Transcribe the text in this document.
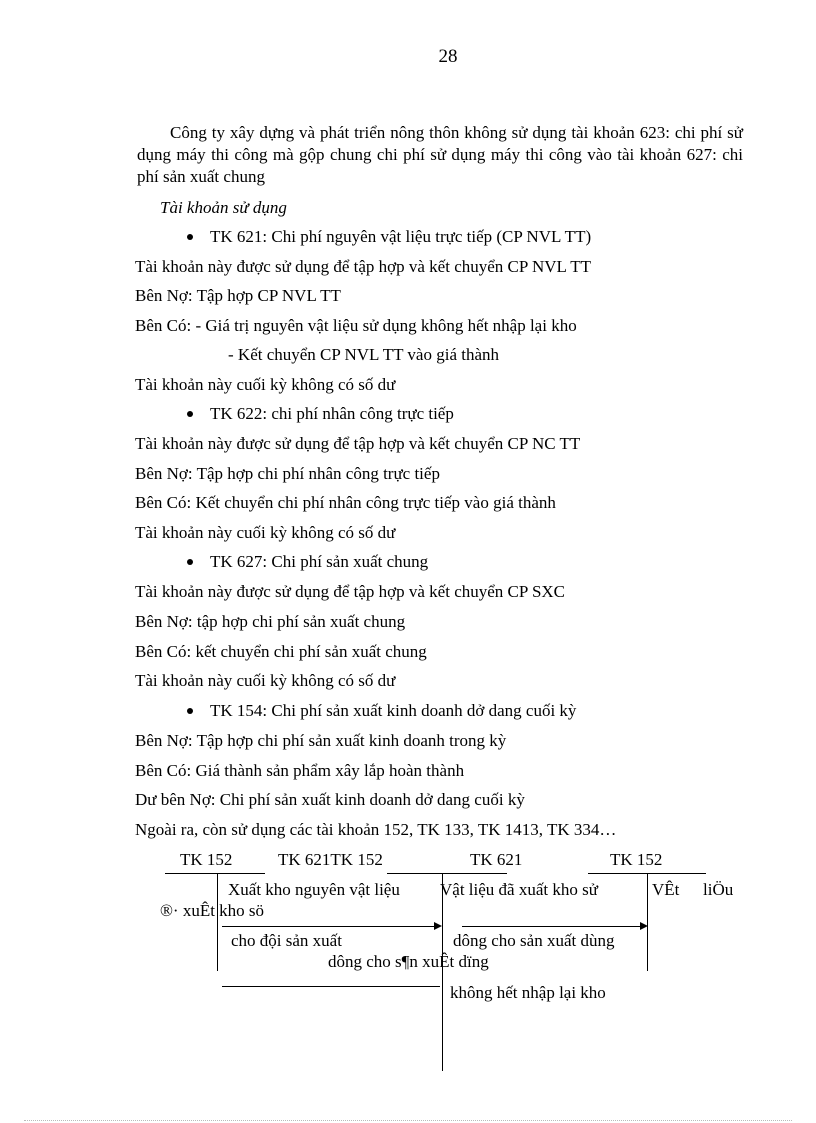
28
Công ty xây dựng và phát triển nông thôn không sử dụng tài khoản 623: chi phí sử dụng máy thi công mà gộp chung chi phí sử dụng máy thi công vào tài khoản 627: chi phí sản xuất chung
Tài khoản sử dụng
TK 621: Chi phí nguyên vật liệu trực tiếp (CP NVL TT)
Tài khoản này được sử dụng để tập hợp và kết chuyển CP NVL TT
Bên Nợ: Tập hợp CP NVL TT
Bên Có: - Giá trị nguyên vật liệu sử dụng không hết nhập lại kho
- Kết chuyển CP NVL TT vào giá thành
Tài khoản này cuối kỳ không có số dư
TK 622: chi phí nhân công trực tiếp
Tài khoản này được sử dụng để tập hợp và kết chuyển CP NC TT
Bên Nợ: Tập hợp chi phí nhân công trực tiếp
Bên Có: Kết chuyển chi phí nhân công trực tiếp vào giá thành
Tài khoản này cuối kỳ không có số dư
TK 627: Chi phí sản xuất chung
Tài khoản này được sử dụng để tập hợp và kết chuyển CP SXC
Bên Nợ: tập hợp chi phí sản xuất chung
Bên Có: kết chuyển chi phí sản xuất chung
Tài khoản này cuối kỳ không có số dư
TK 154: Chi phí sản xuất kinh doanh dở dang cuối kỳ
Bên Nợ: Tập hợp chi phí sản xuất kinh doanh trong kỳ
Bên Có: Giá thành sản phẩm xây lắp hoàn thành
Dư bên Nợ: Chi phí sản xuất kinh doanh dở dang cuối kỳ
Ngoài ra, còn sử dụng các tài khoản 152, TK 133, TK 1413, TK 334…
TK 152	TK 621TK 152	TK 621	TK 152
Xuất kho nguyên vật liệu Vật liệu đã xuất kho sử	VÊt liÖu
®· xuÊt kho sö
cho đội sản xuất	dông cho sản xuất dùng
dông cho s¶n xuÊt dïng
không hết nhập lại kho
